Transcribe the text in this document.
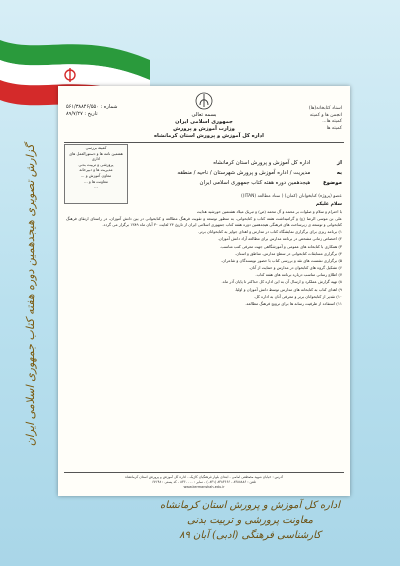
گزارش تصویری هیجدهمین دوره هفته کتاب جمهوری اسلامی ایران
بسمه تعالی
جمهوری اسلامی ایران
وزارت آموزش و پرورش
اداره کل آموزش و پرورش استان کرمانشاه
شماره : ۵۶۱/۳۸۸۴۶/۵۵۰
تاریخ : ۸۹/۷/۲۷
اسناد کتابخانه(ها)
انجمن ها و کمیته
کمیته ها...
کمیته ها
کمیته بررسی
هفتمین نامه ها و دستورالعمل های اداری
پرورشی و تربیت بدنی
مدیریت ها و دبیرخانه
معاون آموزش و ...
معاونت ها و ...
...
از اداره کل آموزش و پرورش استان کرمانشاه
به مدیریت / اداره آموزش و پرورش شهرستان / ناحیه / منطقه
موضوع هیجدهمین دوره هفته کتاب جمهوری اسلامی ایران
عضو (پروژه) کتابخوانان (کمان) ( ستاد مطالعه (ITAN))

سلام علیکم

با احترام و سلام و صلوات بر محمد و آل محمد (ص) و تبریک میلاد هشتمین خورشید هدایت

علی بن موسی الرضا (ع) و گرامیداشت هفته کتاب و کتابخوانی، به منظور توسعه و تقویت فرهنگ مطالعه و کتابخوانی در بین دانش آموزان، در راستای ارتقای فرهنگ کتابخوانی و توسعه ی زیرساخت های فرهنگی هیجدهمین دوره هفته کتاب جمهوری اسلامی ایران از تاریخ ۲۴ لغایت ۳۰ آبان ماه ۱۳۸۹ برگزار می گردد.

۱) برنامه ریزی برای برگزاری نمایشگاه کتاب در مدارس و اهدای جوایز به کتابخوانان برتر.

۲) اختصاص زمانی مشخص در برنامه مدارس برای مطالعه آزاد دانش آموزان.

۳) همکاری با کتابخانه های عمومی و آموزشگاهی جهت معرفی کتب مناسب.

۴) برگزاری مسابقات کتابخوانی در سطح مدارس، مناطق و استان.

۵) برگزاری نشست های نقد و بررسی کتاب با حضور نویسندگان و شاعران.

۶) تشکیل گروه های کتابخوان در مدارس و حمایت از آنان.

۷) اطلاع رسانی مناسب درباره برنامه های هفته کتاب.

۸) تهیه گزارش عملکرد و ارسال آن به این اداره کل حداکثر تا پایان آذر ماه.

۹) اهدای کتاب به کتابخانه های مدارس توسط دانش آموزان و اولیا.

۱۰) تقدیر از کتابخوانان برتر و معرفی آنان به اداره کل.

۱۱) استفاده از ظرفیت رسانه ها برای ترویج فرهنگ مطالعه.

آدرس : خیابان شهید مصطفی امامی - ابتدای بلوار فرهنگیان کاژیک - اداره کل آموزش و پرورش استان کرمانشاه
تلفن : ۸۳۸۸۸۸۶ - ۸۳۸۳۶۶۶ (۰۸۳۱) - نمابر : ۸۳۶۰۰۰۰ - کد پستی : ۶۷۱۴۸
www.kermanshah-edu.ir
اداره کل آموزش و پرورش استان کرمانشاه
معاونت پرورشی و تربیت بدنی
کارشناسی فرهنگی (ادبی) آبان ۸۹
